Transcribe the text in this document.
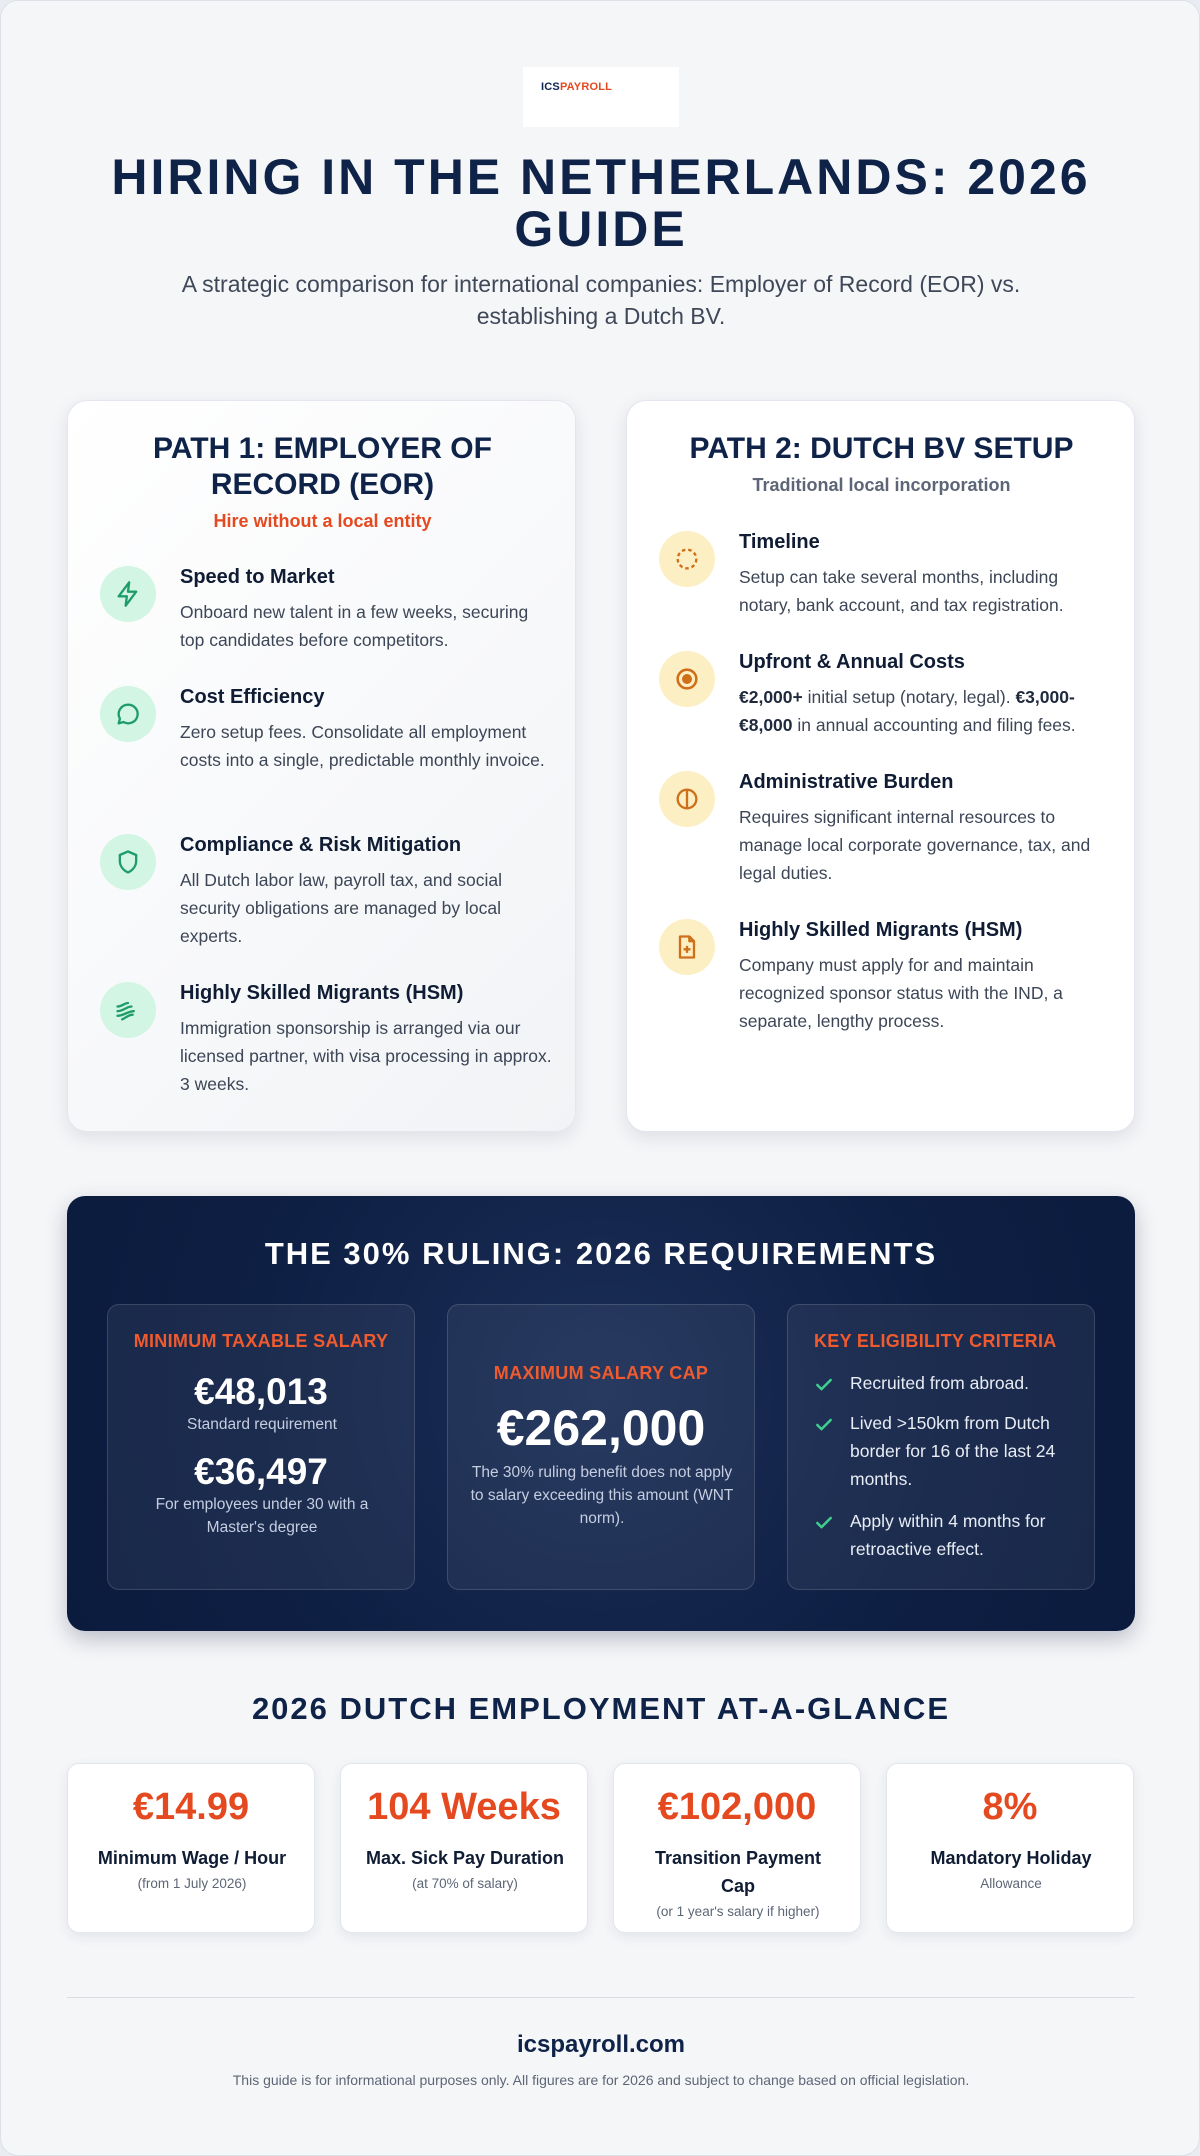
ICSPAYROLL
HIRING IN THE NETHERLANDS: 2026 GUIDE

A strategic comparison for international companies: Employer of Record (EOR) vs. establishing a Dutch BV.

PATH 1: EMPLOYER OF RECORD (EOR)
Hire without a local entity
Speed to Market
Onboard new talent in a few weeks, securing top candidates before competitors.
Cost Efficiency
Zero setup fees. Consolidate all employment costs into a single, predictable monthly invoice.
Compliance & Risk Mitigation
All Dutch labor law, payroll tax, and social security obligations are managed by local experts.
Highly Skilled Migrants (HSM)
Immigration sponsorship is arranged via our licensed partner, with visa processing in approx. 3 weeks.
PATH 2: DUTCH BV SETUP
Traditional local incorporation
Timeline
Setup can take several months, including notary, bank account, and tax registration.
Upfront & Annual Costs
€2,000+ initial setup (notary, legal). €3,000-€8,000 in annual accounting and filing fees.
Administrative Burden
Requires significant internal resources to manage local corporate governance, tax, and legal duties.
Highly Skilled Migrants (HSM)
Company must apply for and maintain recognized sponsor status with the IND, a separate, lengthy process.
THE 30% RULING: 2026 REQUIREMENTS
MINIMUM TAXABLE SALARY
€48,013
Standard requirement
€36,497
For employees under 30 with a Master's degree
MAXIMUM SALARY CAP
€262,000
The 30% ruling benefit does not apply to salary exceeding this amount (WNT norm).
KEY ELIGIBILITY CRITERIA
Recruited from abroad.
Lived >150km from Dutch border for 16 of the last 24 months.
Apply within 4 months for retroactive effect.
2026 DUTCH EMPLOYMENT AT-A-GLANCE
€14.99
Minimum Wage / Hour
(from 1 July 2026)
104 Weeks
Max. Sick Pay Duration
(at 70% of salary)
€102,000
Transition Payment Cap
(or 1 year's salary if higher)
8%
Mandatory Holiday
Allowance
icspayroll.com
This guide is for informational purposes only. All figures are for 2026 and subject to change based on official legislation.
